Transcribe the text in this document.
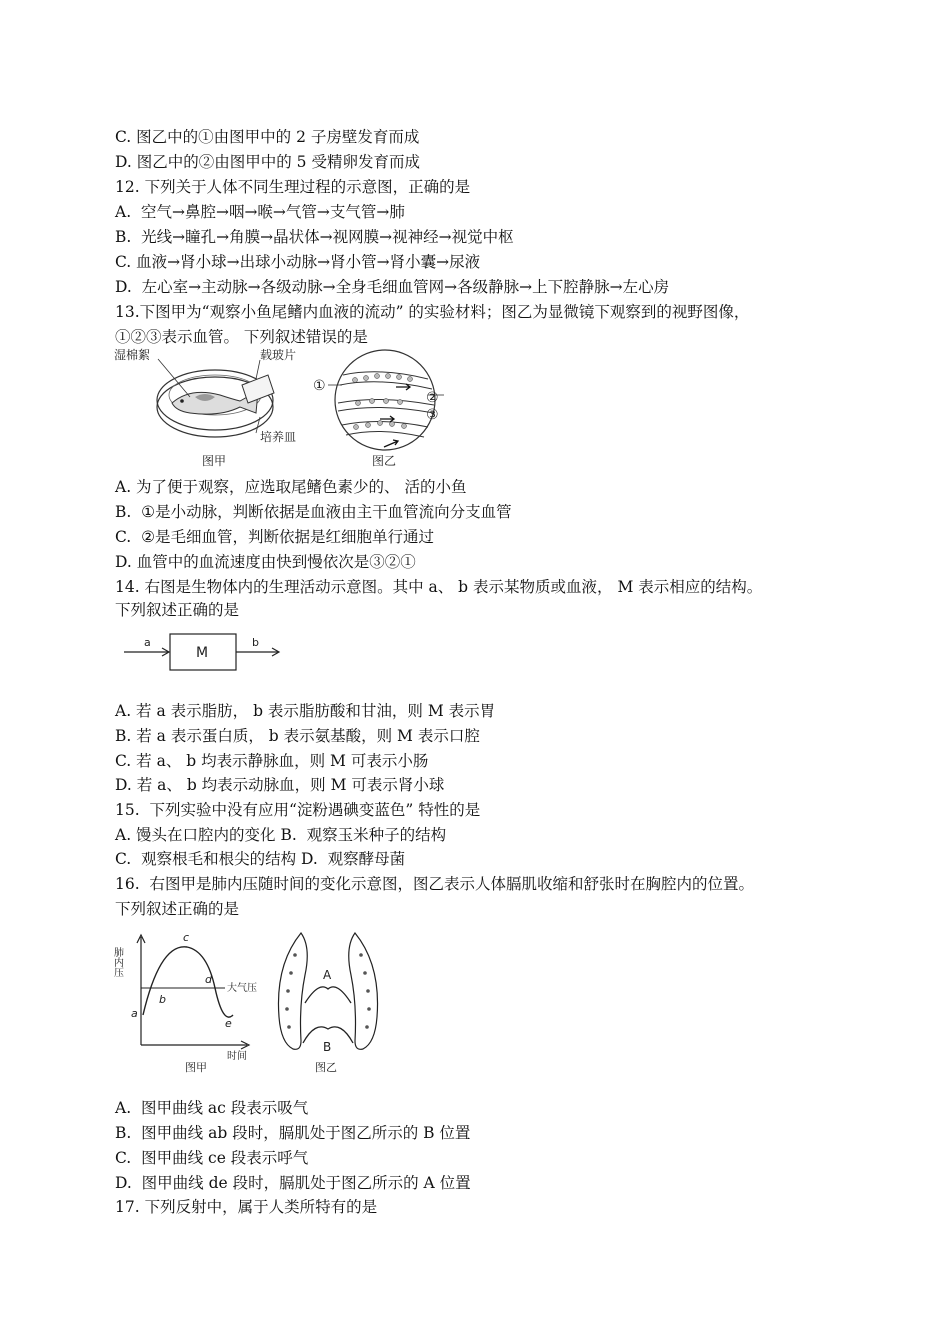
C. 图乙中的①由图甲中的 2 子房壁发育而成
D. 图乙中的②由图甲中的 5 受精卵发育而成
12. 下列关于人体不同生理过程的示意图，正确的是
A.  空气→鼻腔→咽→喉→气管→支气管→肺
B.  光线→瞳孔→角膜→晶状体→视网膜→视神经→视觉中枢
C. 血液→肾小球→出球小动脉→肾小管→肾小囊→尿液
D.  左心室→主动脉→各级动脉→全身毛细血管网→各级静脉→上下腔静脉→左心房
13.下图甲为“观察小鱼尾鳍内血液的流动” 的实验材料；图乙为显微镜下观察到的视野图像，
①②③表示血管。 下列叙述错误的是
湿棉絮	载玻片
培养皿
图甲
①
②
③
图乙
A. 为了便于观察，应选取尾鳍色素少的、 活的小鱼
B.  ①是小动脉，判断依据是血液由主干血管流向分支血管
C.  ②是毛细血管，判断依据是红细胞单行通过
D. 血管中的血流速度由快到慢依次是③②①
14. 右图是生物体内的生理活动示意图。其中 a、 b 表示某物质或血液， M 表示相应的结构。
下列叙述正确的是
a
M
b
A. 若 a 表示脂肪， b 表示脂肪酸和甘油，则 M 表示胃
B. 若 a 表示蛋白质， b 表示氨基酸，则 M 表示口腔
C. 若 a、 b 均表示静脉血，则 M 可表示小肠
D. 若 a、 b 均表示动脉血，则 M 可表示肾小球
15.  下列实验中没有应用“淀粉遇碘变蓝色” 特性的是
A. 馒头在口腔内的变化 B.  观察玉米种子的结构
C.  观察根毛和根尖的结构 D.  观察酵母菌
16.  右图甲是肺内压随时间的变化示意图，图乙表示人体膈肌收缩和舒张时在胸腔内的位置。
下列叙述正确的是
肺内压
时间
大气压
a
b
c
d
e
图甲
A
B
图乙
A.  图甲曲线 ac 段表示吸气
B.  图甲曲线 ab 段时，膈肌处于图乙所示的 B 位置
C.  图甲曲线 ce 段表示呼气
D.  图甲曲线 de 段时，膈肌处于图乙所示的 A 位置
17. 下列反射中，属于人类所特有的是
